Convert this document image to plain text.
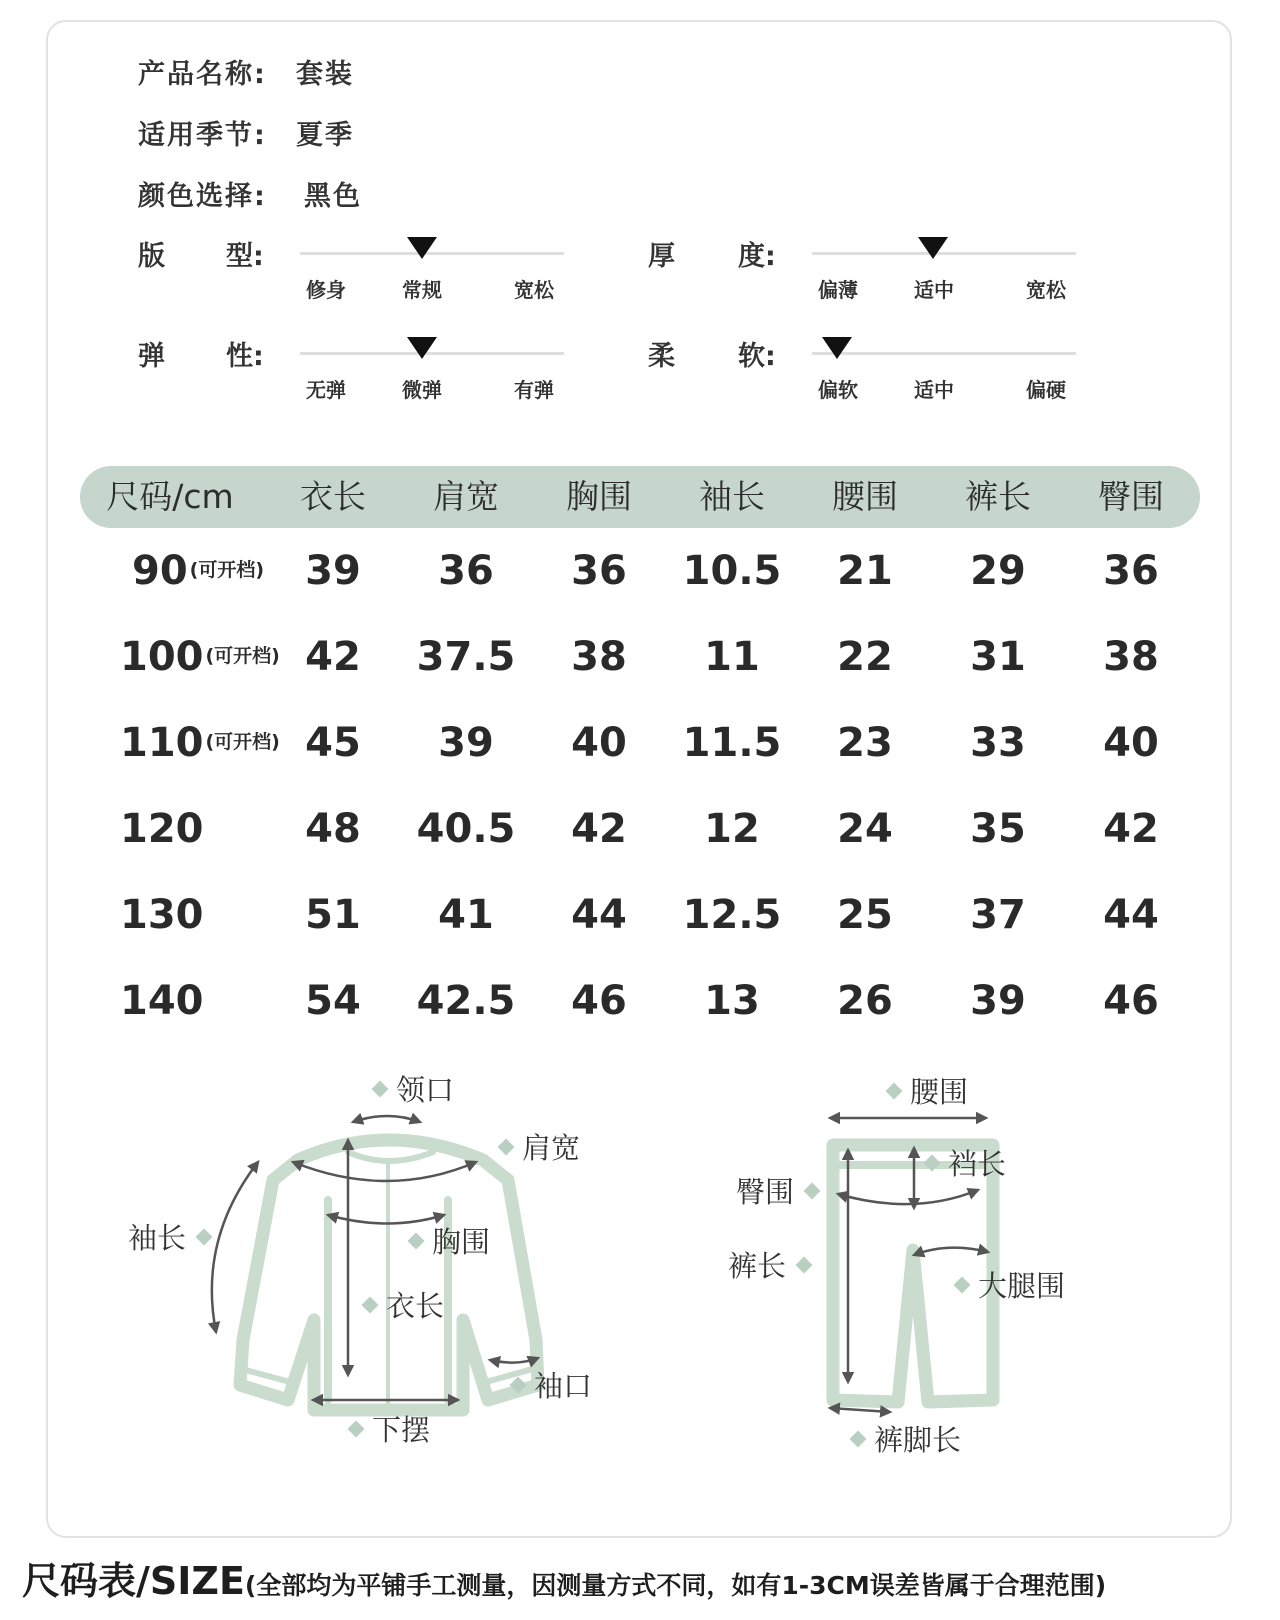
产品名称: 套装
适用季节: 夏季
颜色选择: 黑色
版 型:
修身	常规	宽松
厚 度:
偏薄	适中	宽松
弹 性:
无弹	微弹	有弹
柔 软:
偏软	适中	偏硬
尺码/cm 衣长 肩宽 胸围 袖长 腰围 裤长 臀围
90 $^{(可开档)}$ 39 36 36 10.5 21 29 36
100 $^{(可开档)}$ 42 37.5 38 11 22 31 38
110 $^{(可开档)}$ 45 39 40 11.5 23 33 40
120	48 40.5 42 12 24 35 42
130	51 41 44 12.5 25 37 44
140	54 42.5 46 13 26 39 46
领口
肩宽
袖长	胸围
衣长
袖口
下摆
腰围
裆长
臀围
裤长
大腿围
裤脚长
尺码表/SIZE(全部均为平铺手工测量，因测量方式不同，如有1-3CM误差皆属于合理范围)
